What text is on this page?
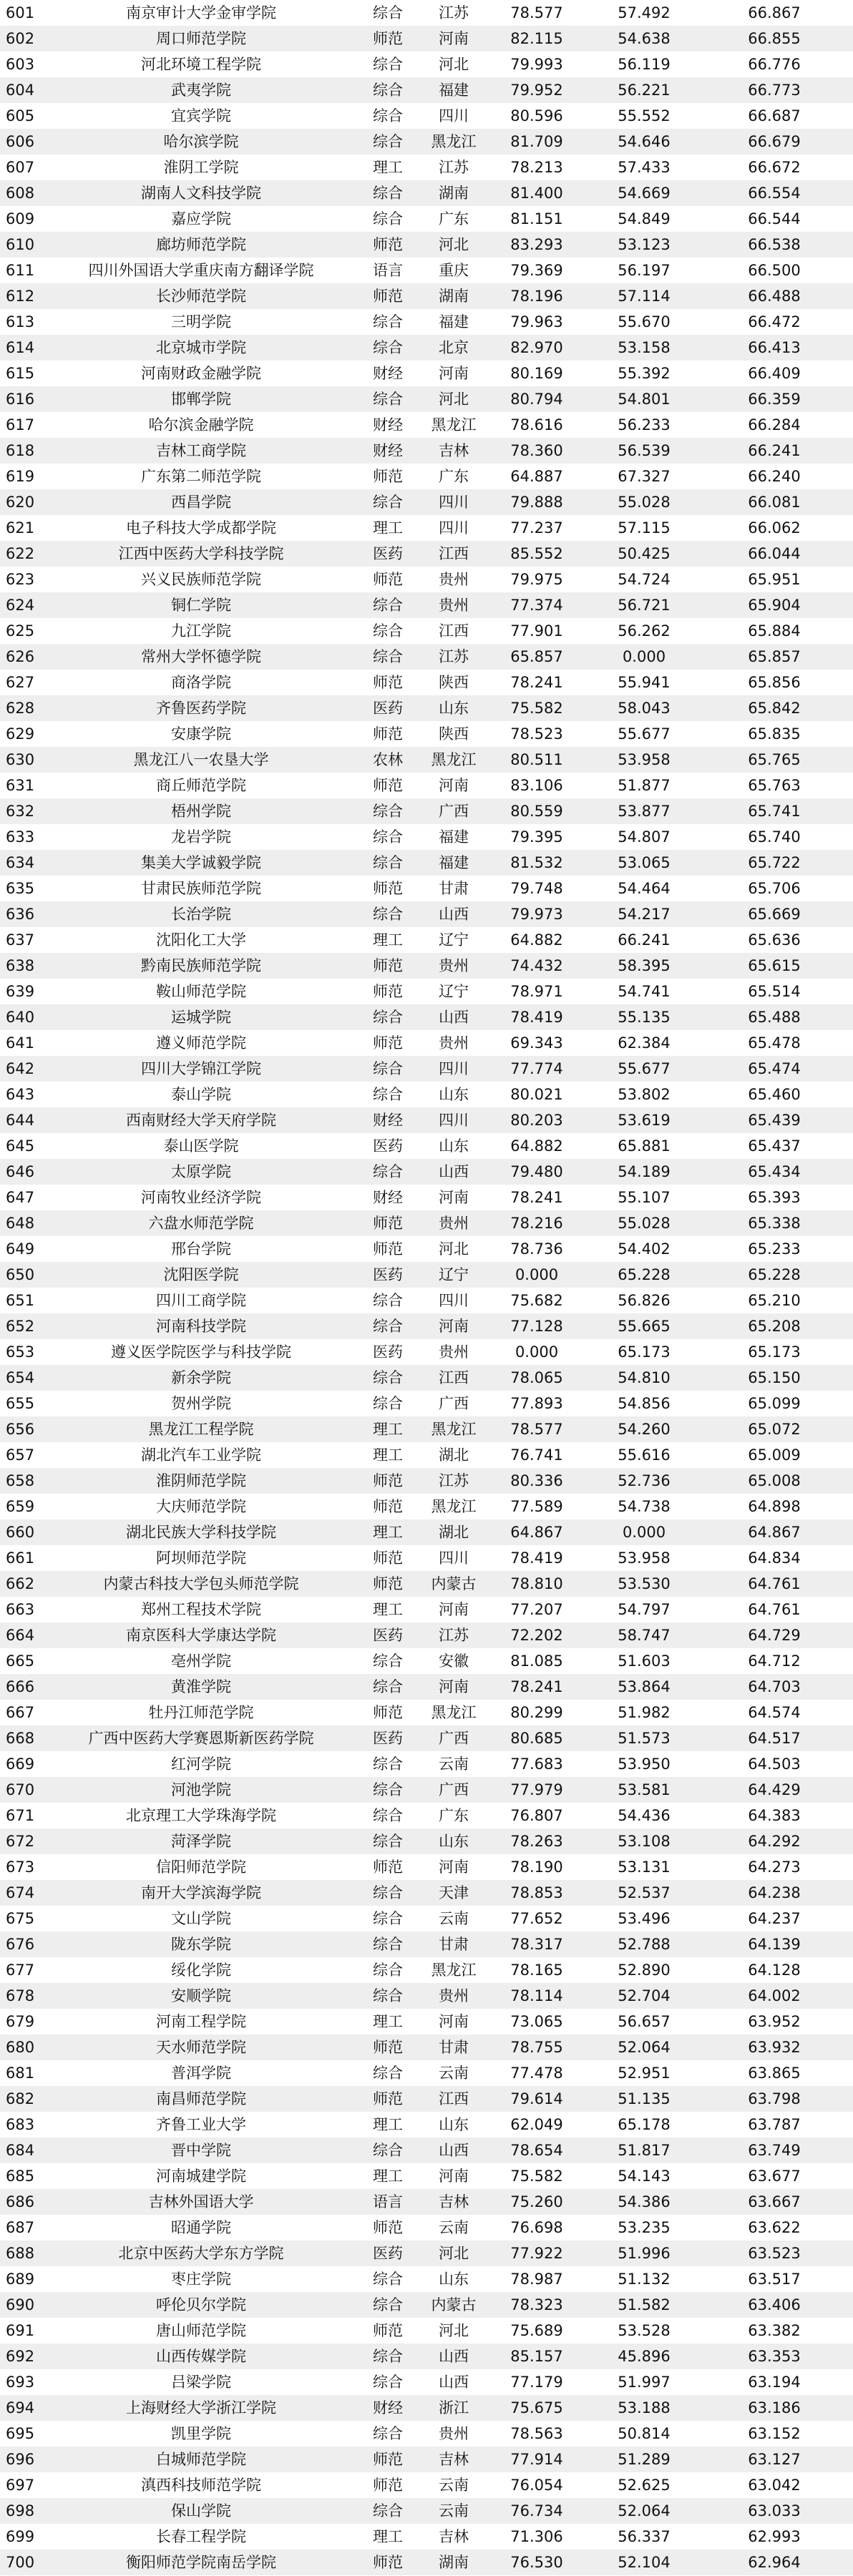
601	南京审计大学金审学院	综合	江苏	78.577	57.492	66.867
602	周口师范学院	师范	河南	82.115	54.638	66.855
603	河北环境工程学院	综合	河北	79.993	56.119	66.776
604	武夷学院	综合	福建	79.952	56.221	66.773
605	宜宾学院	综合	四川	80.596	55.552	66.687
606	哈尔滨学院	综合	黑龙江	81.709	54.646	66.679
607	淮阴工学院	理工	江苏	78.213	57.433	66.672
608	湖南人文科技学院	综合	湖南	81.400	54.669	66.554
609	嘉应学院	综合	广东	81.151	54.849	66.544
610	廊坊师范学院	师范	河北	83.293	53.123	66.538
611	四川外国语大学重庆南方翻译学院	语言	重庆	79.369	56.197	66.500
612	长沙师范学院	师范	湖南	78.196	57.114	66.488
613	三明学院	综合	福建	79.963	55.670	66.472
614	北京城市学院	综合	北京	82.970	53.158	66.413
615	河南财政金融学院	财经	河南	80.169	55.392	66.409
616	邯郸学院	综合	河北	80.794	54.801	66.359
617	哈尔滨金融学院	财经	黑龙江	78.616	56.233	66.284
618	吉林工商学院	财经	吉林	78.360	56.539	66.241
619	广东第二师范学院	师范	广东	64.887	67.327	66.240
620	西昌学院	综合	四川	79.888	55.028	66.081
621	电子科技大学成都学院	理工	四川	77.237	57.115	66.062
622	江西中医药大学科技学院	医药	江西	85.552	50.425	66.044
623	兴义民族师范学院	师范	贵州	79.975	54.724	65.951
624	铜仁学院	综合	贵州	77.374	56.721	65.904
625	九江学院	综合	江西	77.901	56.262	65.884
626	常州大学怀德学院	综合	江苏	65.857	0.000	65.857
627	商洛学院	师范	陕西	78.241	55.941	65.856
628	齐鲁医药学院	医药	山东	75.582	58.043	65.842
629	安康学院	师范	陕西	78.523	55.677	65.835
630	黑龙江八一农垦大学	农林	黑龙江	80.511	53.958	65.765
631	商丘师范学院	师范	河南	83.106	51.877	65.763
632	梧州学院	综合	广西	80.559	53.877	65.741
633	龙岩学院	综合	福建	79.395	54.807	65.740
634	集美大学诚毅学院	综合	福建	81.532	53.065	65.722
635	甘肃民族师范学院	师范	甘肃	79.748	54.464	65.706
636	长治学院	综合	山西	79.973	54.217	65.669
637	沈阳化工大学	理工	辽宁	64.882	66.241	65.636
638	黔南民族师范学院	师范	贵州	74.432	58.395	65.615
639	鞍山师范学院	师范	辽宁	78.971	54.741	65.514
640	运城学院	综合	山西	78.419	55.135	65.488
641	遵义师范学院	师范	贵州	69.343	62.384	65.478
642	四川大学锦江学院	综合	四川	77.774	55.677	65.474
643	泰山学院	综合	山东	80.021	53.802	65.460
644	西南财经大学天府学院	财经	四川	80.203	53.619	65.439
645	泰山医学院	医药	山东	64.882	65.881	65.437
646	太原学院	综合	山西	79.480	54.189	65.434
647	河南牧业经济学院	财经	河南	78.241	55.107	65.393
648	六盘水师范学院	师范	贵州	78.216	55.028	65.338
649	邢台学院	师范	河北	78.736	54.402	65.233
650	沈阳医学院	医药	辽宁	0.000	65.228	65.228
651	四川工商学院	综合	四川	75.682	56.826	65.210
652	河南科技学院	综合	河南	77.128	55.665	65.208
653	遵义医学院医学与科技学院	医药	贵州	0.000	65.173	65.173
654	新余学院	综合	江西	78.065	54.810	65.150
655	贺州学院	综合	广西	77.893	54.856	65.099
656	黑龙江工程学院	理工	黑龙江	78.577	54.260	65.072
657	湖北汽车工业学院	理工	湖北	76.741	55.616	65.009
658	淮阴师范学院	师范	江苏	80.336	52.736	65.008
659	大庆师范学院	师范	黑龙江	77.589	54.738	64.898
660	湖北民族大学科技学院	理工	湖北	64.867	0.000	64.867
661	阿坝师范学院	师范	四川	78.419	53.958	64.834
662	内蒙古科技大学包头师范学院	师范	内蒙古	78.810	53.530	64.761
663	郑州工程技术学院	理工	河南	77.207	54.797	64.761
664	南京医科大学康达学院	医药	江苏	72.202	58.747	64.729
665	亳州学院	综合	安徽	81.085	51.603	64.712
666	黄淮学院	综合	河南	78.241	53.864	64.703
667	牡丹江师范学院	师范	黑龙江	80.299	51.982	64.574
668	广西中医药大学赛恩斯新医药学院	医药	广西	80.685	51.573	64.517
669	红河学院	综合	云南	77.683	53.950	64.503
670	河池学院	综合	广西	77.979	53.581	64.429
671	北京理工大学珠海学院	综合	广东	76.807	54.436	64.383
672	菏泽学院	综合	山东	78.263	53.108	64.292
673	信阳师范学院	师范	河南	78.190	53.131	64.273
674	南开大学滨海学院	综合	天津	78.853	52.537	64.238
675	文山学院	综合	云南	77.652	53.496	64.237
676	陇东学院	综合	甘肃	78.317	52.788	64.139
677	绥化学院	综合	黑龙江	78.165	52.890	64.128
678	安顺学院	综合	贵州	78.114	52.704	64.002
679	河南工程学院	理工	河南	73.065	56.657	63.952
680	天水师范学院	师范	甘肃	78.755	52.064	63.932
681	普洱学院	综合	云南	77.478	52.951	63.865
682	南昌师范学院	师范	江西	79.614	51.135	63.798
683	齐鲁工业大学	理工	山东	62.049	65.178	63.787
684	晋中学院	综合	山西	78.654	51.817	63.749
685	河南城建学院	理工	河南	75.582	54.143	63.677
686	吉林外国语大学	语言	吉林	75.260	54.386	63.667
687	昭通学院	师范	云南	76.698	53.235	63.622
688	北京中医药大学东方学院	医药	河北	77.922	51.996	63.523
689	枣庄学院	综合	山东	78.987	51.132	63.517
690	呼伦贝尔学院	综合	内蒙古	78.323	51.582	63.406
691	唐山师范学院	师范	河北	75.689	53.528	63.382
692	山西传媒学院	综合	山西	85.157	45.896	63.353
693	吕梁学院	综合	山西	77.179	51.997	63.194
694	上海财经大学浙江学院	财经	浙江	75.675	53.188	63.186
695	凯里学院	综合	贵州	78.563	50.814	63.152
696	白城师范学院	师范	吉林	77.914	51.289	63.127
697	滇西科技师范学院	师范	云南	76.054	52.625	63.042
698	保山学院	综合	云南	76.734	52.064	63.033
699	长春工程学院	理工	吉林	71.306	56.337	62.993
700	衡阳师范学院南岳学院	师范	湖南	76.530	52.104	62.964
